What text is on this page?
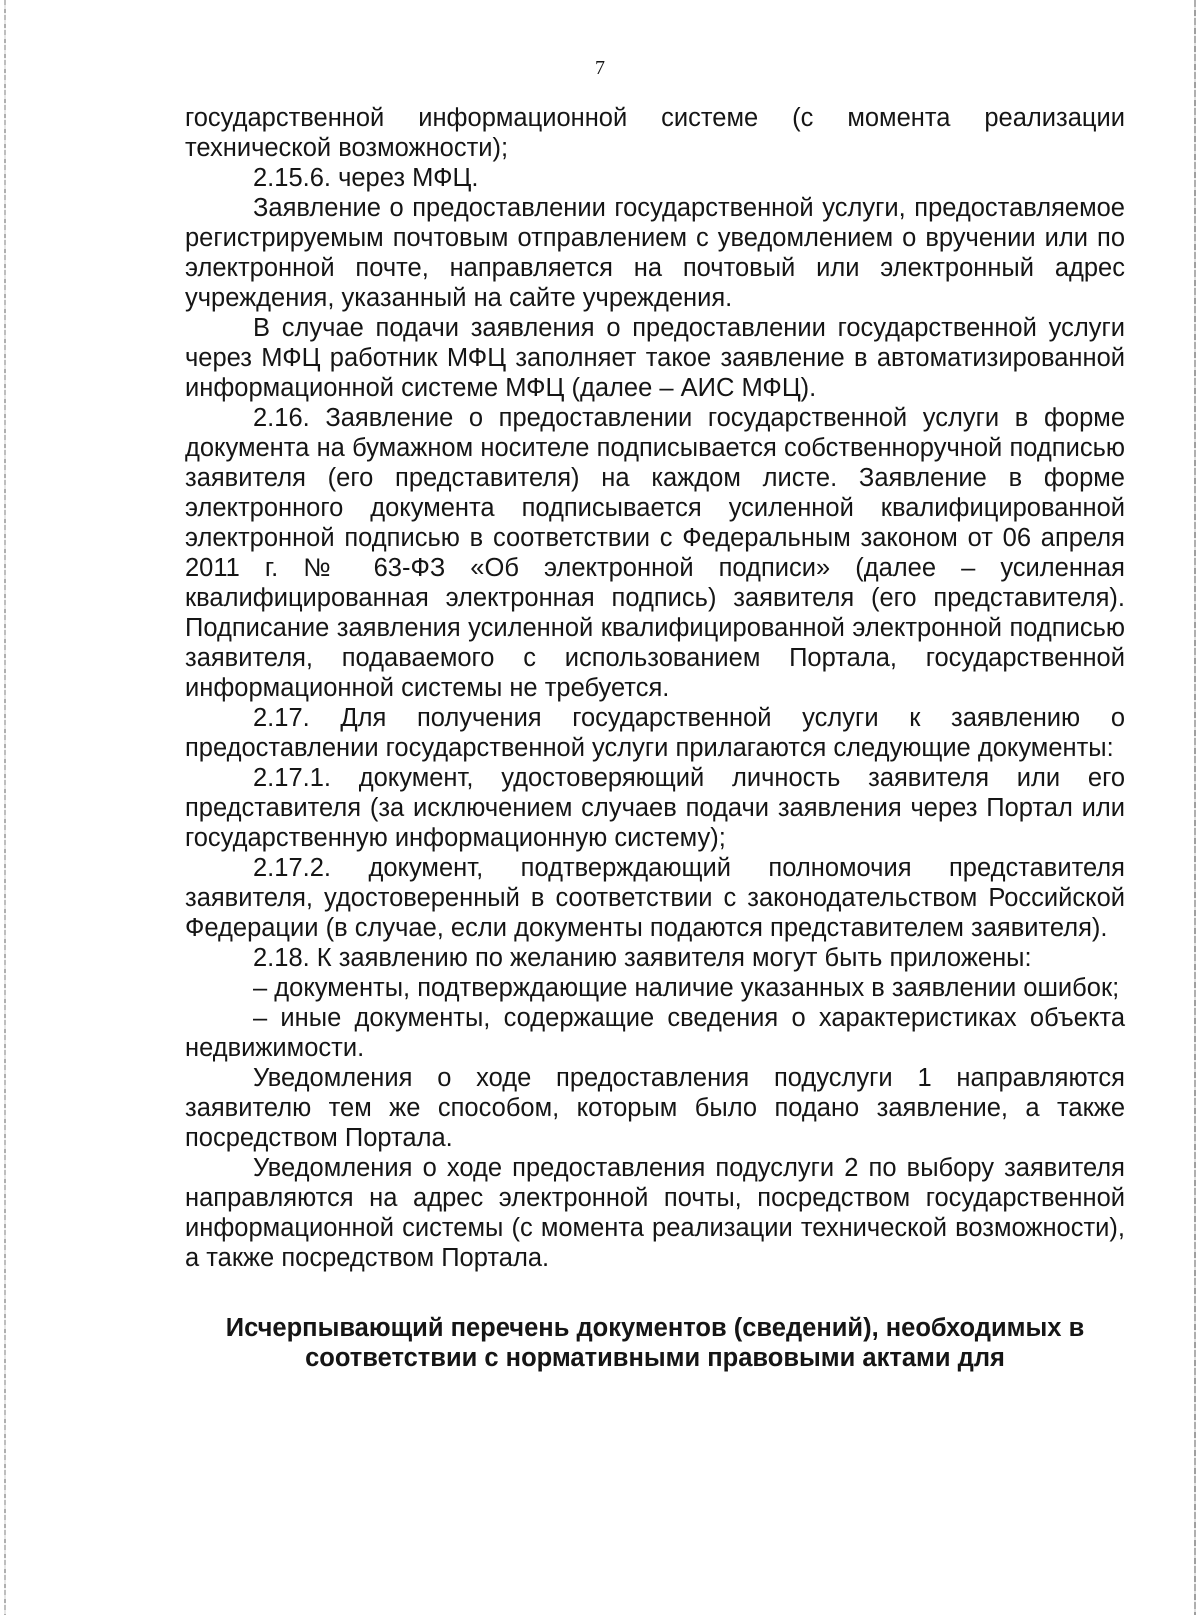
7

государственной информационной системе (с момента реализации технической возможности);

2.15.6. через МФЦ.

Заявление о предоставлении государственной услуги, предоставляемое регистрируемым почтовым отправлением с уведомлением о вручении или по электронной почте, направляется на почтовый или электронный адрес учреждения, указанный на сайте учреждения.

В случае подачи заявления о предоставлении государственной услуги через МФЦ работник МФЦ заполняет такое заявление в автоматизированной информационной системе МФЦ (далее – АИС МФЦ).

2.16. Заявление о предоставлении государственной услуги в форме документа на бумажном носителе подписывается собственноручной подписью заявителя (его представителя) на каждом листе. Заявление в форме электронного документа подписывается усиленной квалифицированной электронной подписью в соответствии с Федеральным законом от 06 апреля 2011 г. № 63-ФЗ «Об электронной подписи» (далее – усиленная квалифицированная электронная подпись) заявителя (его представителя). Подписание заявления усиленной квалифицированной электронной подписью заявителя, подаваемого с использованием Портала, государственной информационной системы не требуется.

2.17. Для получения государственной услуги к заявлению о предоставлении государственной услуги прилагаются следующие документы:

2.17.1. документ, удостоверяющий личность заявителя или его представителя (за исключением случаев подачи заявления через Портал или государственную информационную систему);

2.17.2. документ, подтверждающий полномочия представителя заявителя, удостоверенный в соответствии с законодательством Российской Федерации (в случае, если документы подаются представителем заявителя).

2.18. К заявлению по желанию заявителя могут быть приложены:

– документы, подтверждающие наличие указанных в заявлении ошибок;

– иные документы, содержащие сведения о характеристиках объекта недвижимости.

Уведомления о ходе предоставления подуслуги 1 направляются заявителю тем же способом, которым было подано заявление, а также посредством Портала.

Уведомления о ходе предоставления подуслуги 2 по выбору заявителя направляются на адрес электронной почты, посредством государственной информационной системы (с момента реализации технической возможности), а также посредством Портала.

Исчерпывающий перечень документов (сведений), необходимых в соответствии с нормативными правовыми актами для
